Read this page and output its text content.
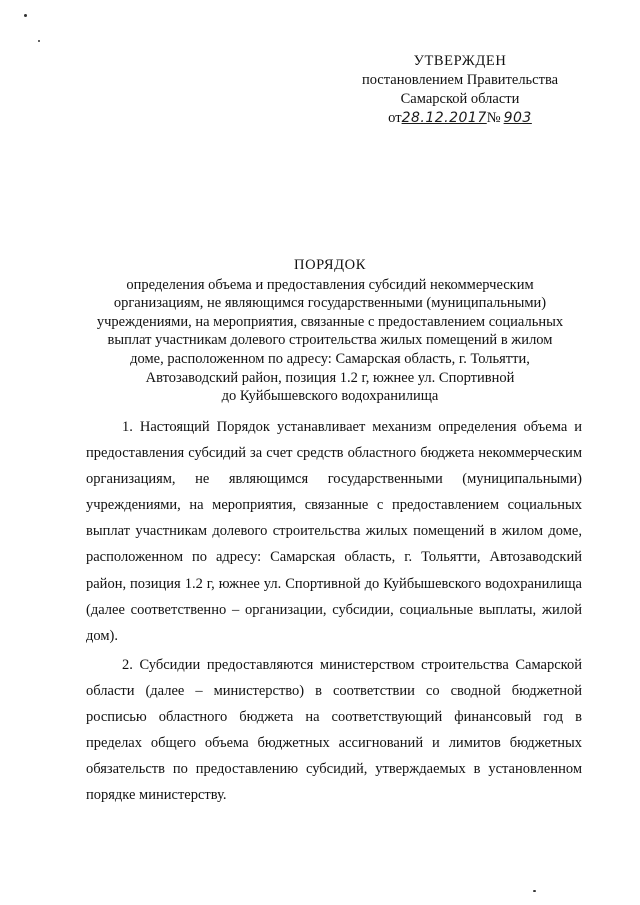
УТВЕРЖДЕН
постановлением Правительства
Самарской области
от28.12.2017№ 903
ПОРЯДОК
определения объема и предоставления субсидий некоммерческим
организациям, не являющимся государственными (муниципальными)
учреждениями, на мероприятия, связанные с предоставлением социальных
выплат участникам долевого строительства жилых помещений в жилом
доме, расположенном по адресу: Самарская область, г. Тольятти,
Автозаводский район, позиция 1.2 г, южнее ул. Спортивной
до Куйбышевского водохранилища

1. Настоящий Порядок устанавливает механизм определения объема и предоставления субсидий за счет средств областного бюджета некоммерческим организациям, не являющимся государственными (муниципальными) учреждениями, на мероприятия, связанные с предоставлением социальных выплат участникам долевого строительства жилых помещений в жилом доме, расположенном по адресу: Самарская область, г. Тольятти, Автозаводский район, позиция 1.2 г, южнее ул. Спортивной до Куйбышевского водохранилища (далее соответственно – организации, субсидии, социальные выплаты, жилой дом).

2. Субсидии предоставляются министерством строительства Самарской области (далее – министерство) в соответствии со сводной бюджетной росписью областного бюджета на соответствующий финансовый год в пределах общего объема бюджетных ассигнований и лимитов бюджетных обязательств по предоставлению субсидий, утверждаемых в установленном порядке министерству.
